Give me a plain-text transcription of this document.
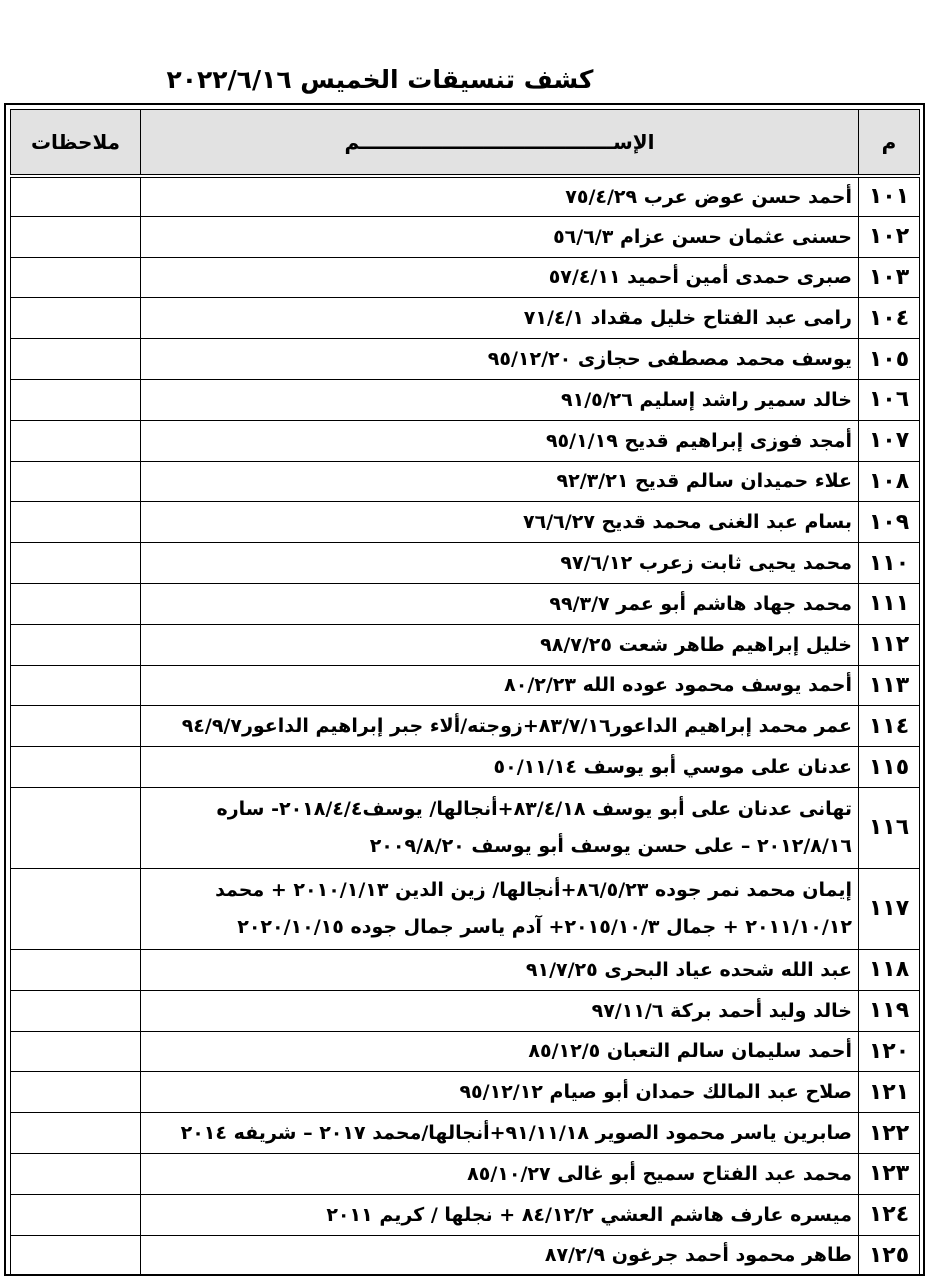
كشف تنسيقات الخميس ٢٠٢٢/٦/١٦
م	الإســـــــــــــــــــــــــــــــــــــم	ملاحظات
١٠١	أحمد حسن عوض عرب ٧٥/٤/٢٩	

١٠٢	حسنى عثمان حسن عزام ٥٦/٦/٣	

١٠٣	صبرى حمدى أمين أحميد ٥٧/٤/١١	

١٠٤	رامى عبد الفتاح خليل مقداد ٧١/٤/١	

١٠٥	يوسف محمد مصطفى حجازى ٩٥/١٢/٢٠	

١٠٦	خالد سمير راشد إسليم ٩١/٥/٢٦	

١٠٧	أمجد فوزى إبراهيم قديح ٩٥/١/١٩	

١٠٨	علاء حميدان سالم قديح ٩٢/٣/٢١	

١٠٩	بسام عبد الغنى محمد قديح ٧٦/٦/٢٧	

١١٠	محمد يحيى ثابت زعرب ٩٧/٦/١٢	

١١١	محمد جهاد هاشم أبو عمر ٩٩/٣/٧	

١١٢	خليل إبراهيم طاهر شعت ٩٨/٧/٢٥	

١١٣	أحمد يوسف محمود عوده الله ٨٠/٢/٢٣	

١١٤	عمر محمد إبراهيم الداعور٨٣/٧/١٦+زوجته/ألاء جبر إبراهيم الداعور٩٤/٩/٧	

١١٥	عدنان على موسي أبو يوسف ٥٠/١١/١٤	

١١٦	تهانى عدنان على أبو يوسف ٨٣/٤/١٨+أنجالها/ يوسف٢٠١٨/٤/٤- ساره
٢٠١٢/٨/١٦ – على حسن يوسف أبو يوسف ٢٠٠٩/٨/٢٠	

١١٧	إيمان محمد نمر جوده ٨٦/٥/٢٣+أنجالها/ زين الدين ٢٠١٠/١/١٣ + محمد
٢٠١١/١٠/١٢ + جمال ٢٠١٥/١٠/٣+ آدم ياسر جمال جوده ٢٠٢٠/١٠/١٥	

١١٨	عبد الله شحده عياد البحرى ٩١/٧/٢٥	

١١٩	خالد وليد أحمد بركة ٩٧/١١/٦	

١٢٠	أحمد سليمان سالم التعبان ٨٥/١٢/٥	

١٢١	صلاح عبد المالك حمدان أبو صيام ٩٥/١٢/١٢	

١٢٢	صابرين ياسر محمود الصوير ٩١/١١/١٨+أنجالها/محمد ٢٠١٧ – شريفه ٢٠١٤	

١٢٣	محمد عبد الفتاح سميح أبو غالى ٨٥/١٠/٢٧	

١٢٤	ميسره عارف هاشم العشي ٨٤/١٢/٢ + نجلها / كريم ٢٠١١	

١٢٥	طاهر محمود أحمد جرغون ٨٧/٢/٩	
